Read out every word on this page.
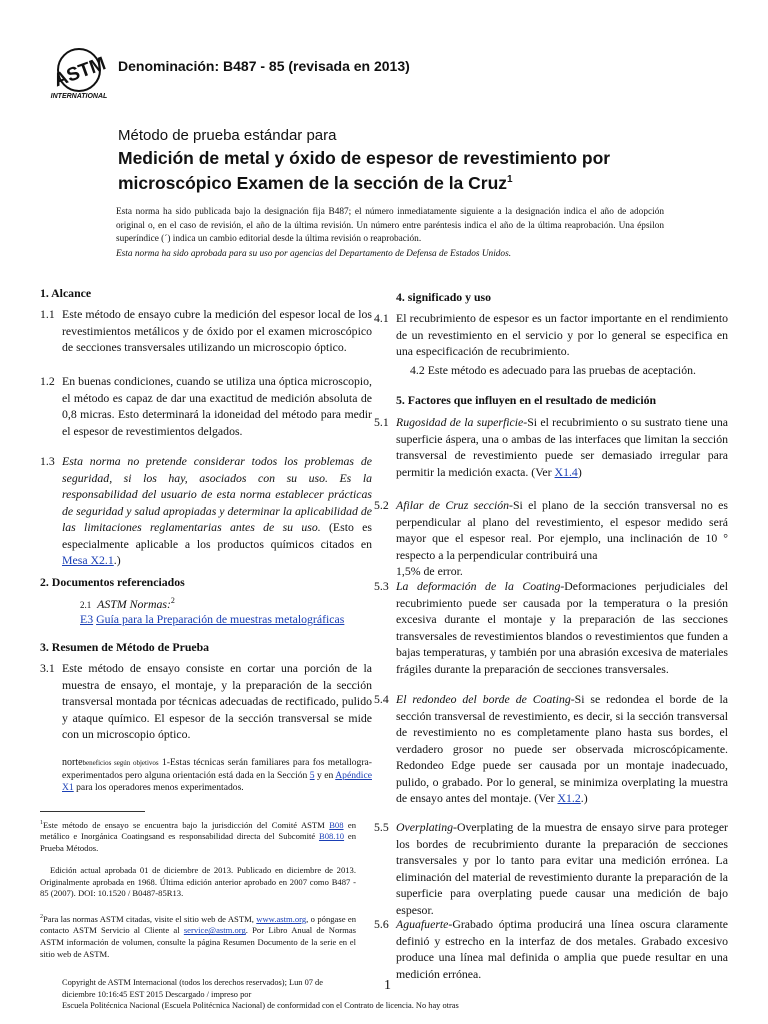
ASTM
INTERNATIONAL
Denominación: B487 - 85 (revisada en 2013)
Método de prueba estándar para
Medición de metal y óxido de espesor de revestimiento por
microscópico Examen de la sección de la Cruz$^1$
Esta norma ha sido publicada bajo la designación fija B487; el número inmediatamente siguiente a la designación indica el año de adopción original o, en el caso de revisión, el año de la última revisión. Un número entre paréntesis indica el año de la última reaprobación. Una épsilon superíndice (´) indica un cambio editorial desde la última revisión o reaprobación.
Esta norma ha sido aprobada para su uso por agencias del Departamento de Defensa de Estados Unidos.
1. Alcance
1.1 Este método de ensayo cubre la medición del espesor local de los revestimientos metálicos y de óxido por el examen microscópico de secciones transversales utilizando un microscopio óptico.
1.2 En buenas condiciones, cuando se utiliza una óptica microscopio, el método es capaz de dar una exactitud de medición absoluta de 0,8 micras. Esto determinará la idoneidad del método para medir el espesor de revestimientos delgados.
1.3 Esta norma no pretende considerar todos los problemas de seguridad, si los hay, asociados con su uso. Es la responsabilidad del usuario de esta norma establecer prácticas de seguridad y salud apropiadas y determinar la aplicabilidad de las limitaciones reglamentarias antes de su uso. (Esto es especialmente aplicable a los productos químicos citados en Mesa X2.1.)
2. Documentos referenciados
2.1 ASTM Normas:$^2$
E3 Guía para la Preparación de muestras metalográficas
3. Resumen de Método de Prueba
3.1 Este método de ensayo consiste en cortar una porción de la muestra de ensayo, el montaje, y la preparación de la sección transversal montada por técnicas adecuadas de rectificado, pulido y ataque químico. El espesor de la sección transversal se mide con un microscopio óptico.
nortebeneficios según objetivos 1-Estas técnicas serán familiares para fos metallogra- experimentados pero alguna orientación está dada en la Sección 5 y en Apéndice X1 para los operadores menos experimentados.
$^1$Este método de ensayo se encuentra bajo la jurisdicción del Comité ASTM B08 en metálico e Inorgánica Coatingsand es responsabilidad directa del Subcomité B08.10 en Prueba Métodos.
Edición actual aprobada 01 de diciembre de 2013. Publicado en diciembre de 2013. Originalmente aprobada en 1968. Última edición anterior aprobado en 2007 como B487 - 85 (2007). DOI: 10.1520 / B0487-85R13.
$^2$Para las normas ASTM citadas, visite el sitio web de ASTM, www.astm.org, o póngase en contacto ASTM Servicio al Cliente al service@astm.org. Por Libro Anual de Normas ASTM información de volumen, consulte la página Resumen Documento de la serie en el sitio web de ASTM.
4. significado y uso
4.1 El recubrimiento de espesor es un factor importante en el rendimiento de un revestimiento en el servicio y por lo general se especifica en una especificación de recubrimiento.
4.2 Este método es adecuado para las pruebas de aceptación.
5. Factores que influyen en el resultado de medición
5.1 Rugosidad de la superficie-Si el recubrimiento o su sustrato tiene una superficie áspera, una o ambas de las interfaces que limitan la sección transversal de revestimiento puede ser demasiado irregular para permitir la medición exacta. (Ver X1.4)
5.2 Afilar de Cruz sección-Si el plano de la sección transversal no es perpendicular al plano del revestimiento, el espesor medido será mayor que el espesor real. Por ejemplo, una inclinación de 10 ° respecto a la perpendicular contribuirá una
1,5% de error.
5.3 La deformación de la Coating-Deformaciones perjudiciales del recubrimiento puede ser causada por la temperatura o la presión excesiva durante el montaje y la preparación de las secciones transversales de revestimientos blandos o revestimientos que funden a bajas temperaturas, y también por una abrasión excesiva de materiales frágiles durante la preparación de secciones transversales.
5.4 El redondeo del borde de Coating-Si se redondea el borde de la sección transversal de revestimiento, es decir, si la sección transversal de revestimiento no es completamente plano hasta sus bordes, el verdadero grosor no puede ser observada microscópicamente. Redondeo Edge puede ser causada por un montaje inadecuado, pulido, o grabado. Por lo general, se minimiza overplating la muestra de ensayo antes del montaje. (Ver X1.2.)
5.5 Overplating-Overplating de la muestra de ensayo sirve para proteger los bordes de recubrimiento durante la preparación de secciones transversales y por lo tanto para evitar una medición errónea. La eliminación del material de revestimiento durante la preparación de la superficie para overplating puede causar una medición de bajo espesor.
5.6 Aguafuerte-Grabado óptima producirá una línea oscura claramente definió y estrecho en la interfaz de dos metales. Grabado excesivo produce una línea mal definida o amplia que puede resultar en una medición errónea.
Copyright de ASTM Internacional (todos los derechos reservados); Lun 07 de
diciembre 10:16:45 EST 2015 Descargado / impreso por
Escuela Politécnica Nacional (Escuela Politécnica Nacional) de conformidad con el Contrato de licencia. No hay otras
1
